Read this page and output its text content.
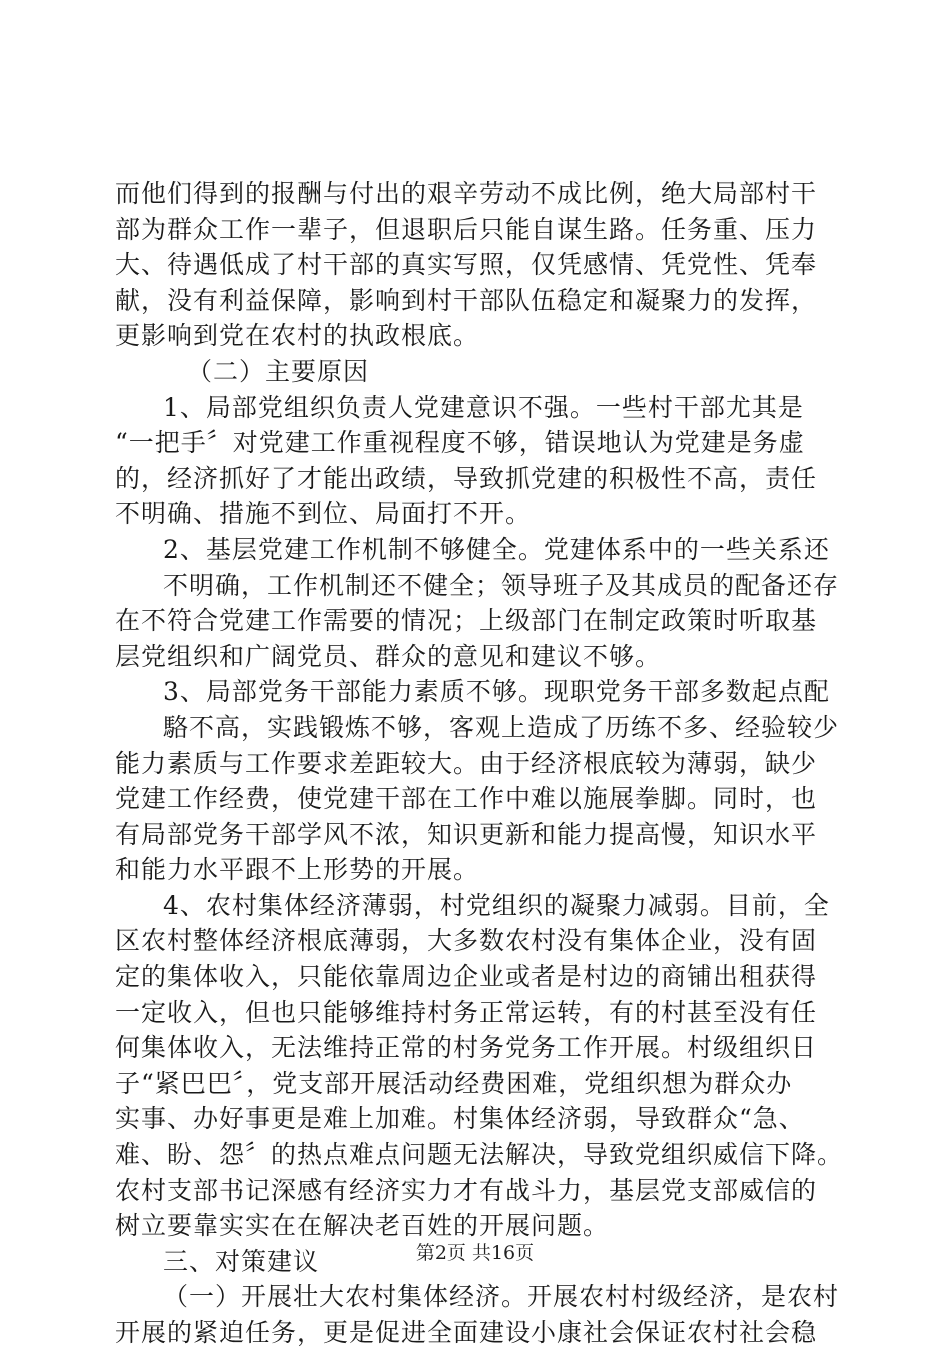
而他们得到的报酬与付出的艰辛劳动不成比例，绝大局部村干
部为群众工作一辈子，但退职后只能自谋生路。任务重、压力
大、待遇低成了村干部的真实写照，仅凭感情、凭党性、凭奉
献，没有利益保障，影响到村干部队伍稳定和凝聚力的发挥，
更影响到党在农村的执政根底。
（二）主要原因
1、局部党组织负责人党建意识不强。一些村干部尤其是
“一把手〞对党建工作重视程度不够，错误地认为党建是务虚
的，经济抓好了才能出政绩，导致抓党建的积极性不高，责任
不明确、措施不到位、局面打不开。
2、基层党建工作机制不够健全。党建体系中的一些关系还
不明确，工作机制还不健全；领导班子及其成员的配备还存
在不符合党建工作需要的情况；上级部门在制定政策时听取基
层党组织和广阔党员、群众的意见和建议不够。
3、局部党务干部能力素质不够。现职党务干部多数起点配
駱不高，实践锻炼不够，客观上造成了历练不多、经验较少
能力素质与工作要求差距较大。由于经济根底较为薄弱，缺少
党建工作经费，使党建干部在工作中难以施展拳脚。同时，也
有局部党务干部学风不浓，知识更新和能力提高慢，知识水平
和能力水平跟不上形势的开展。
4、农村集体经济薄弱，村党组织的凝聚力减弱。目前，全
区农村整体经济根底薄弱，大多数农村没有集体企业，没有固
定的集体收入，只能依靠周边企业或者是村边的商铺出租获得
一定收入，但也只能够维持村务正常运转，有的村甚至没有任
何集体收入，无法维持正常的村务党务工作开展。村级组织日
子“紧巴巴〞，党支部开展活动经费困难，党组织想为群众办
实事、办好事更是难上加难。村集体经济弱，导致群众“急、
难、盼、怨〞的热点难点问题无法解决，导致党组织威信下降。
农村支部书记深感有经济实力才有战斗力，基层党支部威信的
树立要靠实实在在解决老百姓的开展问题。
三、对策建议
（一）开展壮大农村集体经济。开展农村村级经济，是农村
开展的紧迫任务，更是促进全面建设小康社会保证农村社会稳
第2页 共16页
